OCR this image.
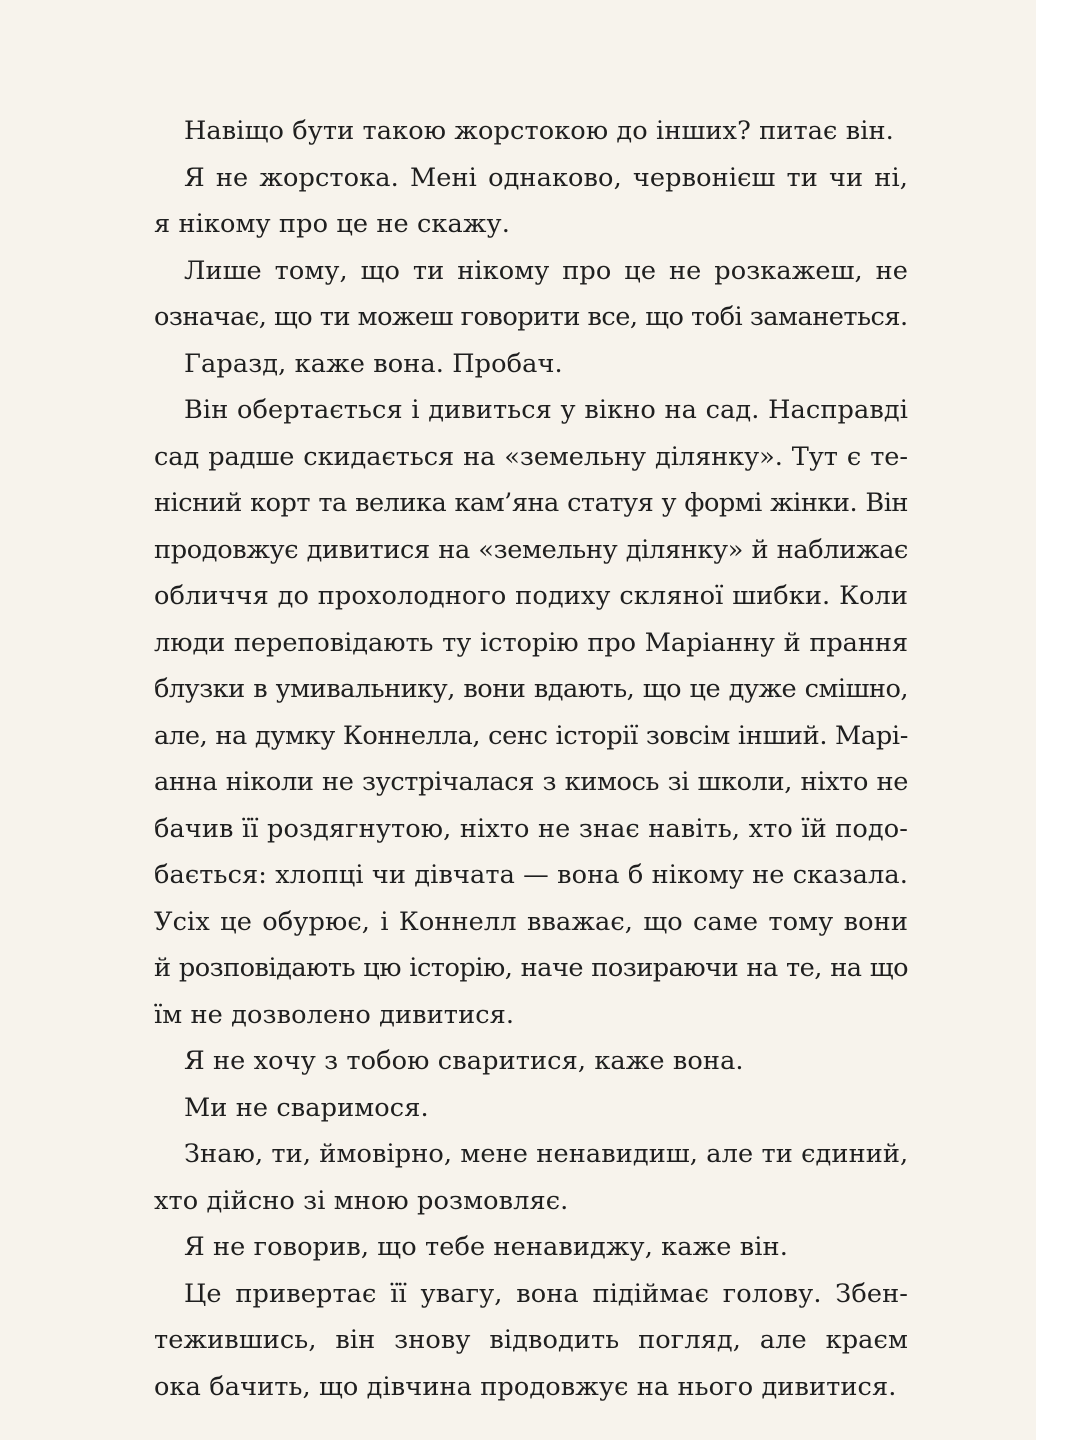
Навіщо бути такою жорстокою до інших? питає він.

Я не жорстока. Мені однаково, червонієш ти чи ні,
я нікому про це не скажу.

Лише тому, що ти нікому про це не розкажеш, не
означає, що ти можеш говорити все, що тобі заманеться.

Гаразд, каже вона. Пробач.

Він обертається і дивиться у вікно на сад. Насправді
сад радше скидається на «земельну ділянку». Тут є те-
нісний корт та велика кам’яна статуя у формі жінки. Він
продовжує дивитися на «земельну ділянку» й наближає
обличчя до прохолодного подиху скляної шибки. Коли
люди переповідають ту історію про Маріанну й прання
блузки в умивальнику, вони вдають, що це дуже смішно,
але, на думку Коннелла, сенс історії зовсім інший. Марі-
анна ніколи не зустрічалася з кимось зі школи, ніхто не
бачив її роздягнутою, ніхто не знає навіть, хто їй подо-
бається: хлопці чи дівчата — вона б нікому не сказала.
Усіх це обурює, і Коннелл вважає, що саме тому вони
й розповідають цю історію, наче позираючи на те, на що
їм не дозволено дивитися.

Я не хочу з тобою сваритися, каже вона.

Ми не сваримося.

Знаю, ти, ймовірно, мене ненавидиш, але ти єдиний,
хто дійсно зі мною розмовляє.

Я не говорив, що тебе ненавиджу, каже він.

Це привертає її увагу, вона підіймає голову. Збен-
тежившись, він знову відводить погляд, але краєм
ока бачить, що дівчина продовжує на нього дивитися.
